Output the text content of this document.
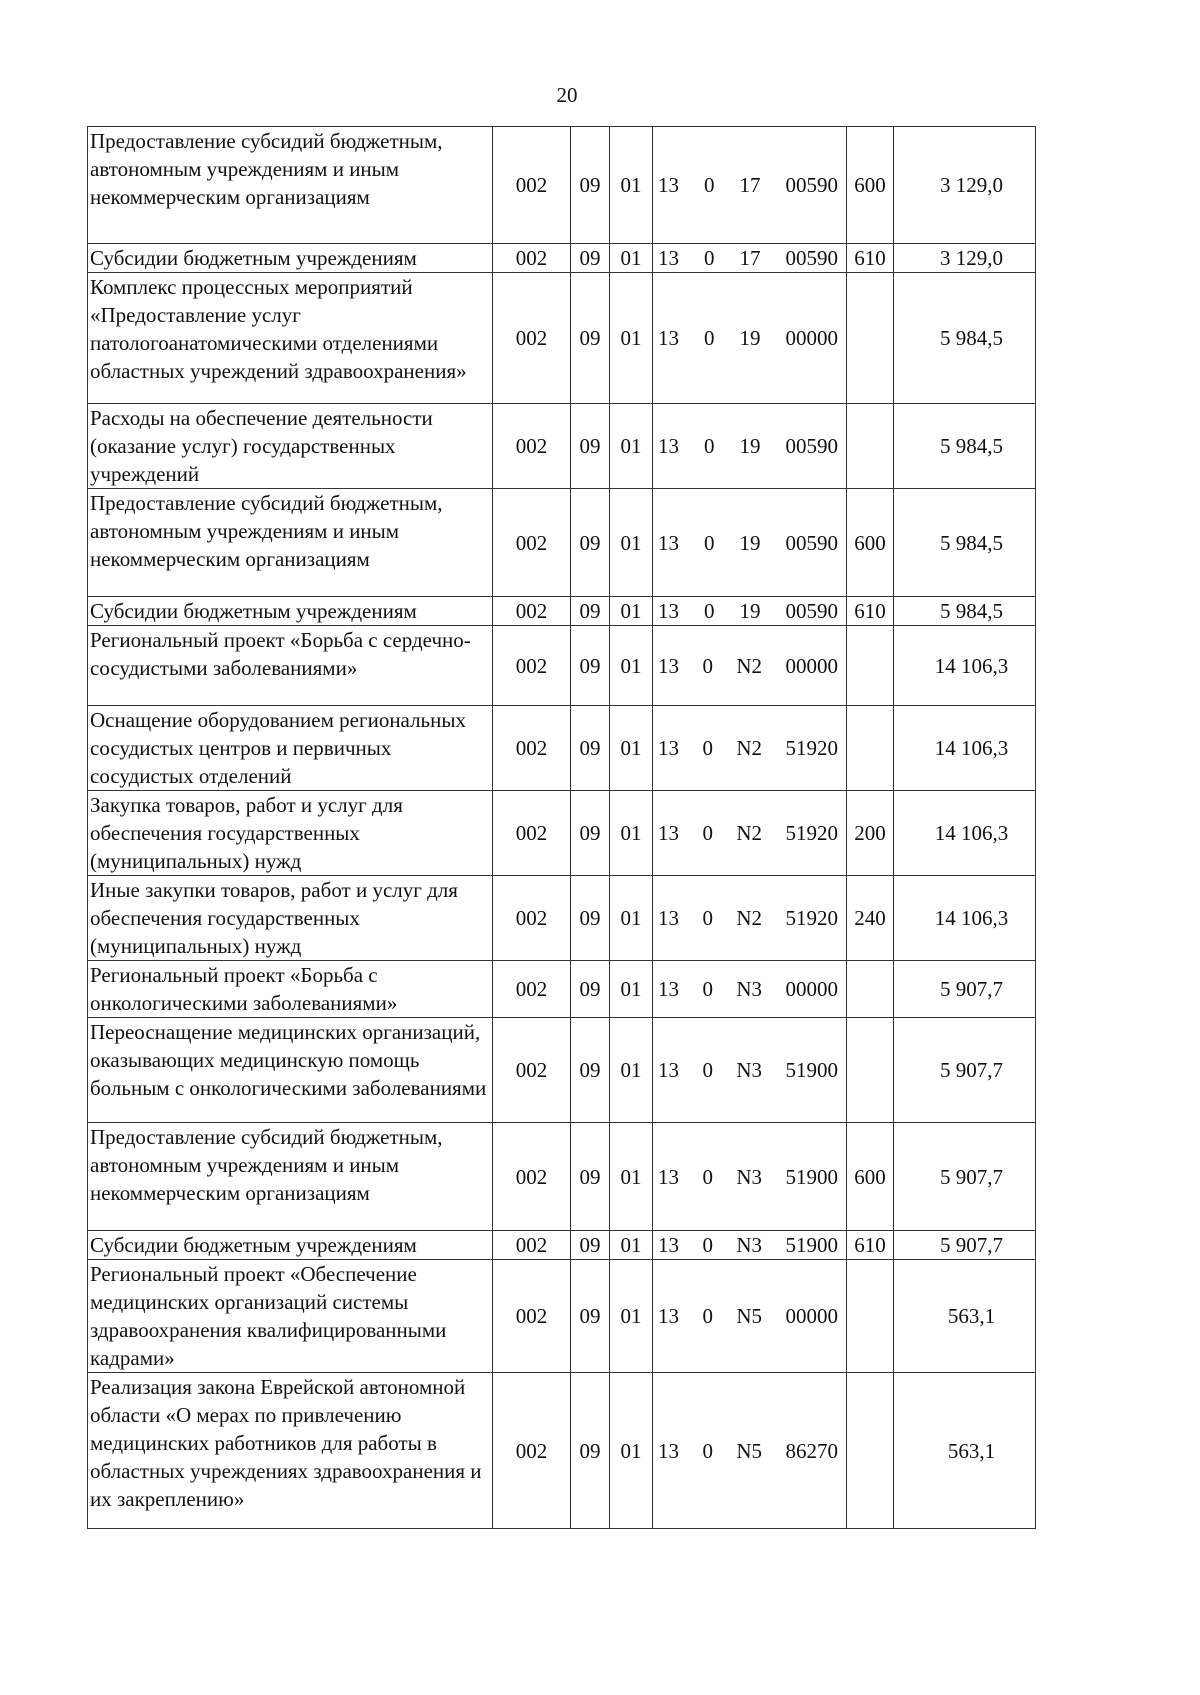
20
Предоставление субсидий бюджетным, автономным учреждениям и иным некоммерческим организациям	002	09	01	13 0 17 00590	600	3 129,0
Субсидии бюджетным учреждениям	002	09	01	13 0 17 00590	610	3 129,0
Комплекс процессных мероприятий «Предоставление услуг патологоанатомическими отделениями областных учреждений здравоохранения»	002	09	01	13 0 19 00000		5 984,5
Расходы на обеспечение деятельности (оказание услуг) государственных учреждений	002	09	01	13 0 19 00590		5 984,5
Предоставление субсидий бюджетным, автономным учреждениям и иным некоммерческим организациям	002	09	01	13 0 19 00590	600	5 984,5
Субсидии бюджетным учреждениям	002	09	01	13 0 19 00590	610	5 984,5
Региональный проект «Борьба с сердечно-сосудистыми заболеваниями»	002	09	01	13 0 N2 00000		14 106,3
Оснащение оборудованием региональных сосудистых центров и первичных сосудистых отделений	002	09	01	13 0 N2 51920		14 106,3
Закупка товаров, работ и услуг для обеспечения государственных (муниципальных) нужд	002	09	01	13 0 N2 51920	200	14 106,3
Иные закупки товаров, работ и услуг для обеспечения государственных (муниципальных) нужд	002	09	01	13 0 N2 51920	240	14 106,3
Региональный проект «Борьба с онкологическими заболеваниями»	002	09	01	13 0 N3 00000		5 907,7
Переоснащение медицинских организаций, оказывающих медицинскую помощь больным с онкологическими заболеваниями	002	09	01	13 0 N3 51900		5 907,7
Предоставление субсидий бюджетным, автономным учреждениям и иным некоммерческим организациям	002	09	01	13 0 N3 51900	600	5 907,7
Субсидии бюджетным учреждениям	002	09	01	13 0 N3 51900	610	5 907,7
Региональный проект «Обеспечение медицинских организаций системы здравоохранения квалифицированными кадрами»	002	09	01	13 0 N5 00000		563,1
Реализация закона Еврейской автономной области «О мерах по привлечению медицинских работников для работы в областных учреждениях здравоохранения и их закреплению»	002	09	01	13 0 N5 86270		563,1
